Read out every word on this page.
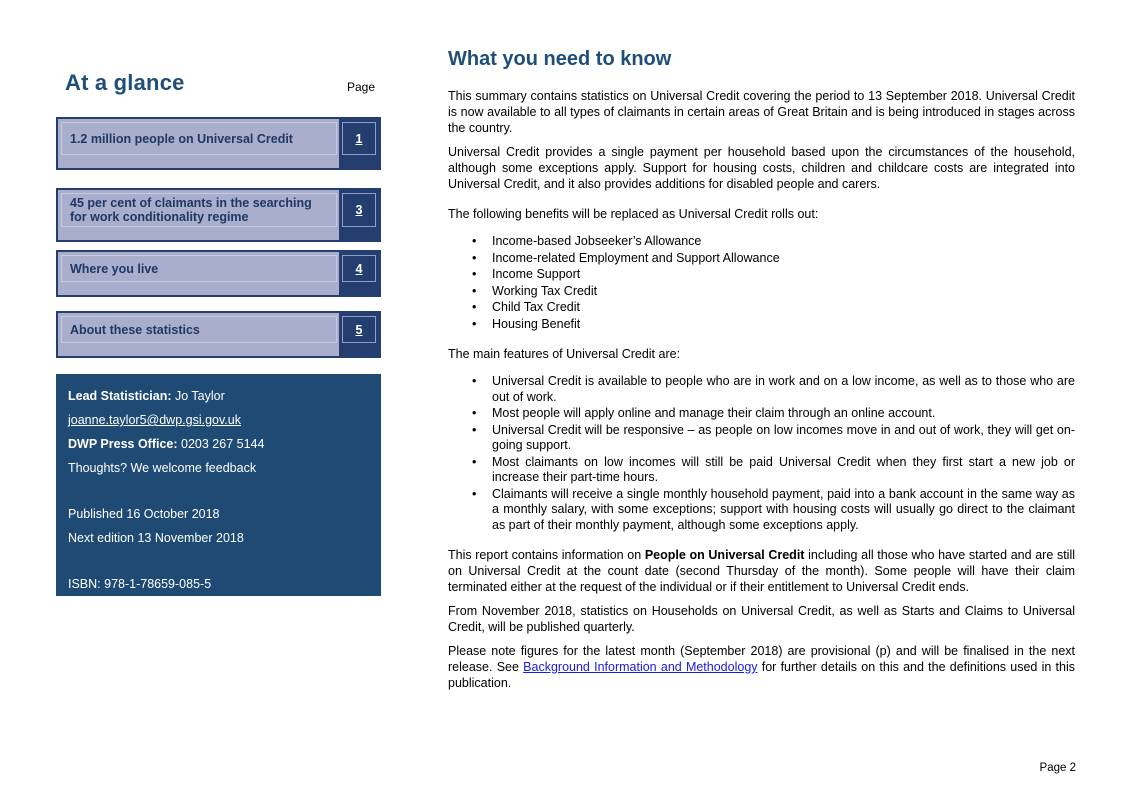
At a glance	Page
1.2 million people on Universal Credit	1
45 per cent of claimants in the searching for work conditionality regime	3
Where you live	4
About these statistics	5

Lead Statistician: Jo Taylor

joanne.taylor5@dwp.gsi.gov.uk

DWP Press Office: 0203 267 5144

Thoughts? We welcome feedback

Published 16 October 2018

Next edition 13 November 2018

ISBN: 978-1-78659-085-5

What you need to know

This summary contains statistics on Universal Credit covering the period to 13 September 2018. Universal Credit is now available to all types of claimants in certain areas of Great Britain and is being introduced in stages across the country.

Universal Credit provides a single payment per household based upon the circumstances of the household, although some exceptions apply. Support for housing costs, children and childcare costs are integrated into Universal Credit, and it also provides additions for disabled people and carers.

The following benefits will be replaced as Universal Credit rolls out:

• Income-based Jobseeker’s Allowance
• Income-related Employment and Support Allowance
• Income Support
• Working Tax Credit
• Child Tax Credit
• Housing Benefit

The main features of Universal Credit are:

• Universal Credit is available to people who are in work and on a low income, as well as to those who are out of work.
• Most people will apply online and manage their claim through an online account.
• Universal Credit will be responsive – as people on low incomes move in and out of work, they will get on-going support.
• Most claimants on low incomes will still be paid Universal Credit when they first start a new job or increase their part-time hours.
• Claimants will receive a single monthly household payment, paid into a bank account in the same way as a monthly salary, with some exceptions; support with housing costs will usually go direct to the claimant as part of their monthly payment, although some exceptions apply.

This report contains information on People on Universal Credit including all those who have started and are still on Universal Credit at the count date (second Thursday of the month). Some people will have their claim terminated either at the request of the individual or if their entitlement to Universal Credit ends.

From November 2018, statistics on Households on Universal Credit, as well as Starts and Claims to Universal Credit, will be published quarterly.

Please note figures for the latest month (September 2018) are provisional (p) and will be finalised in the next release. See Background Information and Methodology for further details on this and the definitions used in this publication.

Page 2
